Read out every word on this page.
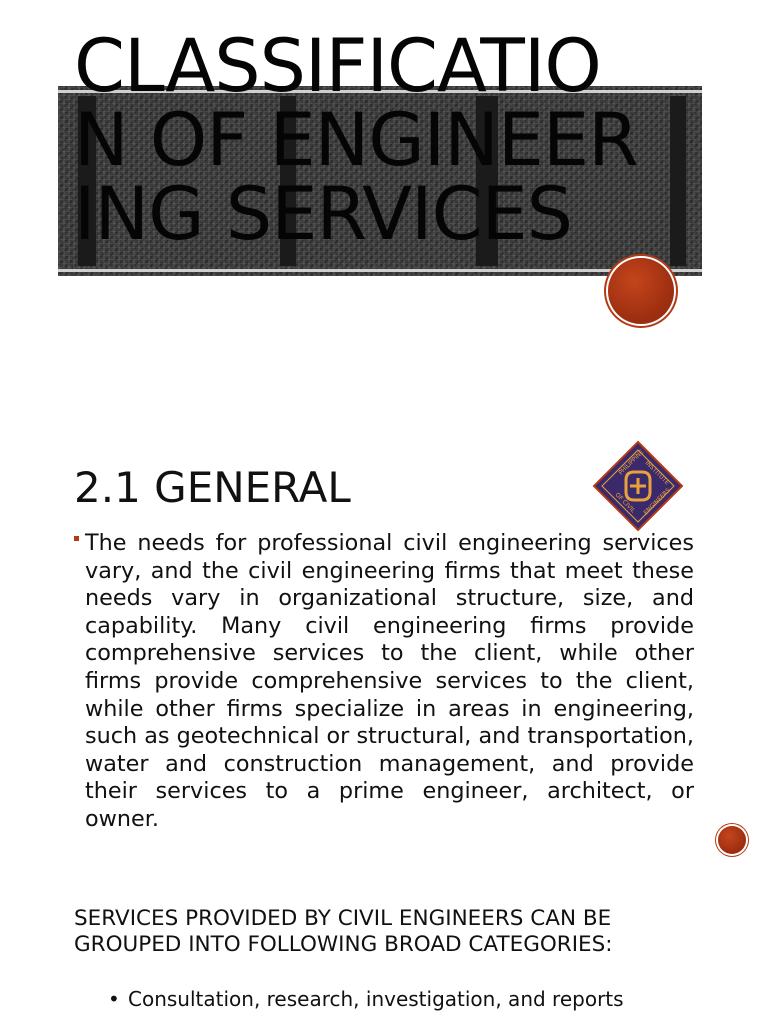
CLASSIFICATION OF ENGINEERING SERVICES
2.1 GENERAL
PHILIPPINE
INSTITUTE
OF CIVIL ENGINEERS

The needs for professional civil engineering services vary, and the civil engineering firms that meet these needs vary in organizational structure, size, and capability. Many civil engineering firms provide comprehensive services to the client, while other firms provide comprehensive services to the client, while other firms specialize in areas in engineering, such as geotechnical or structural, and transportation, water and construction management, and provide their services to a prime engineer, architect, or owner.

SERVICES PROVIDED BY CIVIL ENGINEERS CAN BE GROUPED INTO FOLLOWING BROAD CATEGORIES:
• Consultation, research, investigation, and reports
